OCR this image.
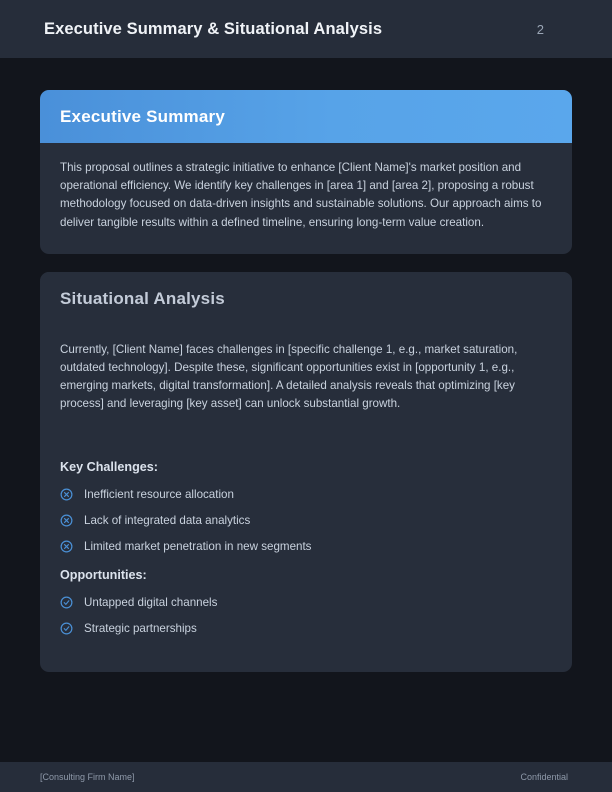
Executive Summary & Situational Analysis	2
Executive Summary

This proposal outlines a strategic initiative to enhance [Client Name]'s market position and operational efficiency. We identify key challenges in [area 1] and [area 2], proposing a robust methodology focused on data-driven insights and sustainable solutions. Our approach aims to deliver tangible results within a defined timeline, ensuring long-term value creation.

Situational Analysis

Currently, [Client Name] faces challenges in [specific challenge 1, e.g., market saturation, outdated technology]. Despite these, significant opportunities exist in [opportunity 1, e.g., emerging markets, digital transformation]. A detailed analysis reveals that optimizing [key process] and leveraging [key asset] can unlock substantial growth.

Key Challenges:
Inefficient resource allocation
Lack of integrated data analytics
Limited market penetration in new segments
Opportunities:
Untapped digital channels
Strategic partnerships
[Consulting Firm Name]	Confidential
